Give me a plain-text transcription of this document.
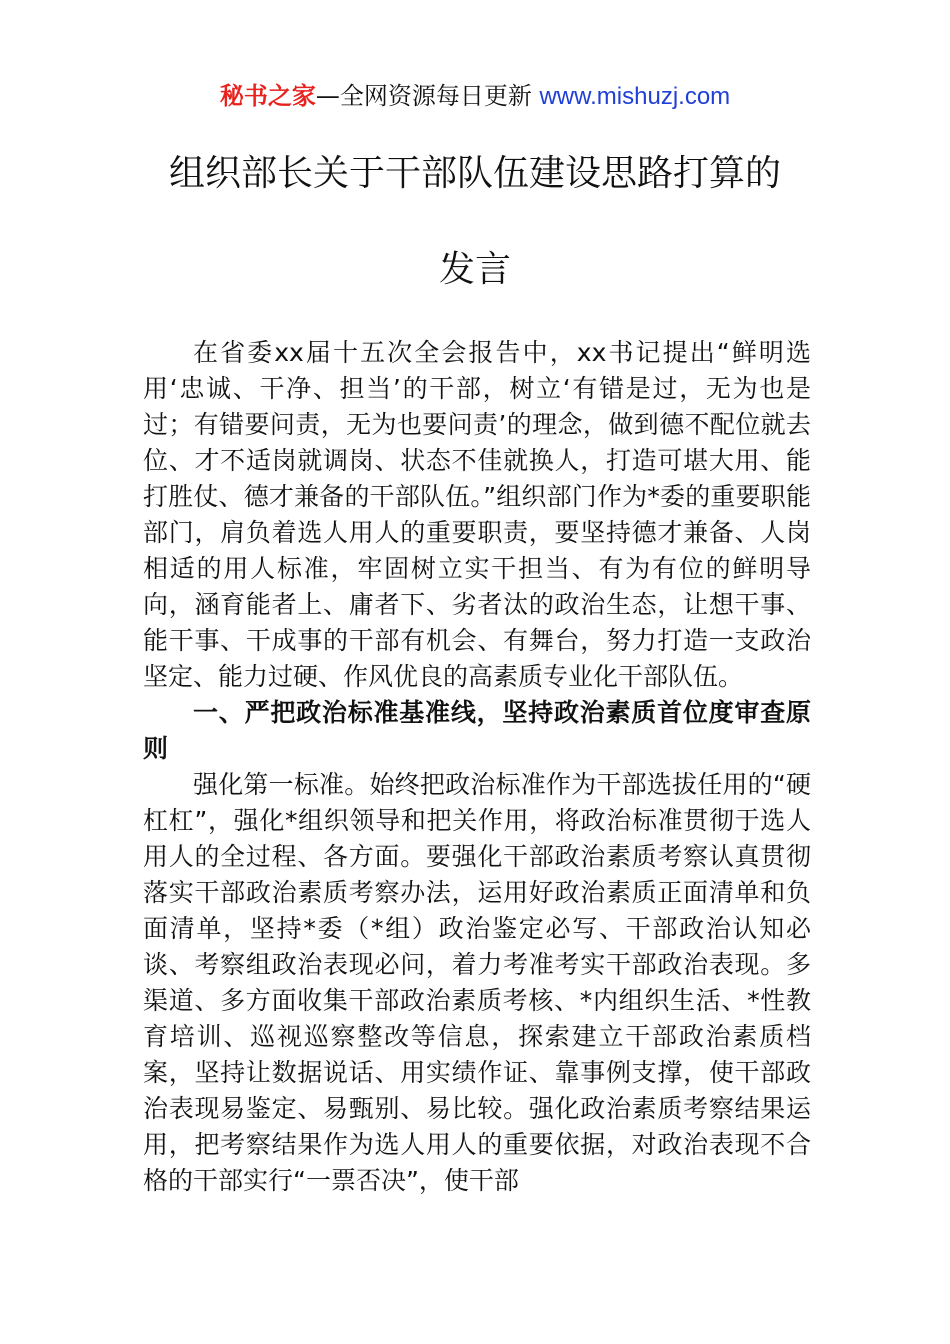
秘书之家—全网资源每日更新 www.mishuzj.com
组织部长关于干部队伍建设思路打算的
发言

在省委xx届十五次全会报告中，xx书记提出“鲜明选用‘忠诚、干净、担当’的干部，树立‘有错是过，无为也是过；有错要问责，无为也要问责’的理念，做到德不配位就去位、才不适岗就调岗、状态不佳就换人，打造可堪大用、能打胜仗、德才兼备的干部队伍。”组织部门作为*委的重要职能部门，肩负着选人用人的重要职责，要坚持德才兼备、人岗相适的用人标准，牢固树立实干担当、有为有位的鲜明导向，涵育能者上、庸者下、劣者汰的政治生态，让想干事、能干事、干成事的干部有机会、有舞台，努力打造一支政治坚定、能力过硬、作风优良的高素质专业化干部队伍。

一、严把政治标准基准线，坚持政治素质首位度审查原则

强化第一标准。始终把政治标准作为干部选拔任用的“硬杠杠”，强化*组织领导和把关作用，将政治标准贯彻于选人用人的全过程、各方面。要强化干部政治素质考察认真贯彻落实干部政治素质考察办法，运用好政治素质正面清单和负面清单，坚持*委（*组）政治鉴定必写、干部政治认知必谈、考察组政治表现必问，着力考准考实干部政治表现。多渠道、多方面收集干部政治素质考核、*内组织生活、*性教育培训、巡视巡察整改等信息，探索建立干部政治素质档案，坚持让数据说话、用实绩作证、靠事例支撑，使干部政治表现易鉴定、易甄别、易比较。强化政治素质考察结果运用，把考察结果作为选人用人的重要依据，对政治表现不合格的干部实行“一票否决”，使干部
